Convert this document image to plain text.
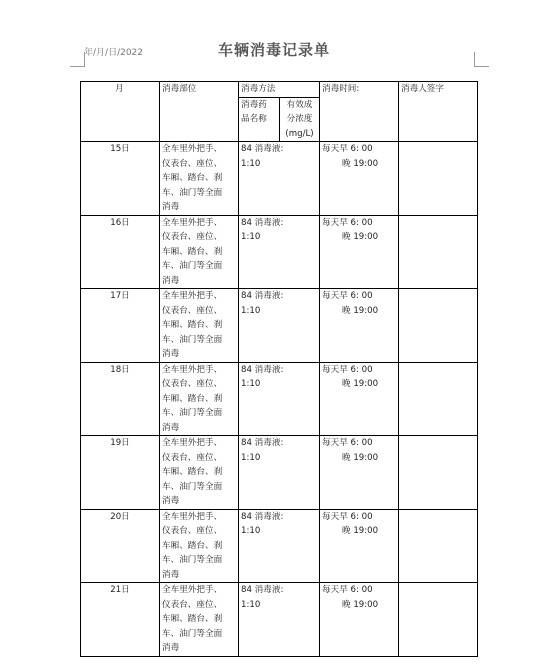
年/月/日/2022	车辆消毒记录单
月	消毒部位	消毒方法		消毒时间:	消毒人签字

		消毒药
品名称	有效成
分浓度
(mg/L)		

15日	全车里外把手、
仪表台、座位、
车厢、踏台、刹
车、油门等全面
消毒	84 消毒液:
1:10		每天早 6: 00
晚 19:00	

16日	全车里外把手、
仪表台、座位、
车厢、踏台、刹
车、油门等全面
消毒	84 消毒液:
1:10		每天早 6: 00
晚 19:00	

17日	全车里外把手、
仪表台、座位、
车厢、踏台、刹
车、油门等全面
消毒	84 消毒液:
1:10		每天早 6: 00
晚 19:00	

18日	全车里外把手、
仪表台、座位、
车厢、踏台、刹
车、油门等全面
消毒	84 消毒液:
1:10		每天早 6: 00
晚 19:00	

19日	全车里外把手、
仪表台、座位、
车厢、踏台、刹
车、油门等全面
消毒	84 消毒液:
1:10		每天早 6: 00
晚 19:00	

20日	全车里外把手、
仪表台、座位、
车厢、踏台、刹
车、油门等全面
消毒	84 消毒液:
1:10		每天早 6: 00
晚 19:00	

21日	全车里外把手、
仪表台、座位、
车厢、踏台、刹
车、油门等全面
消毒	84 消毒液:
1:10		每天早 6: 00
晚 19:00	
